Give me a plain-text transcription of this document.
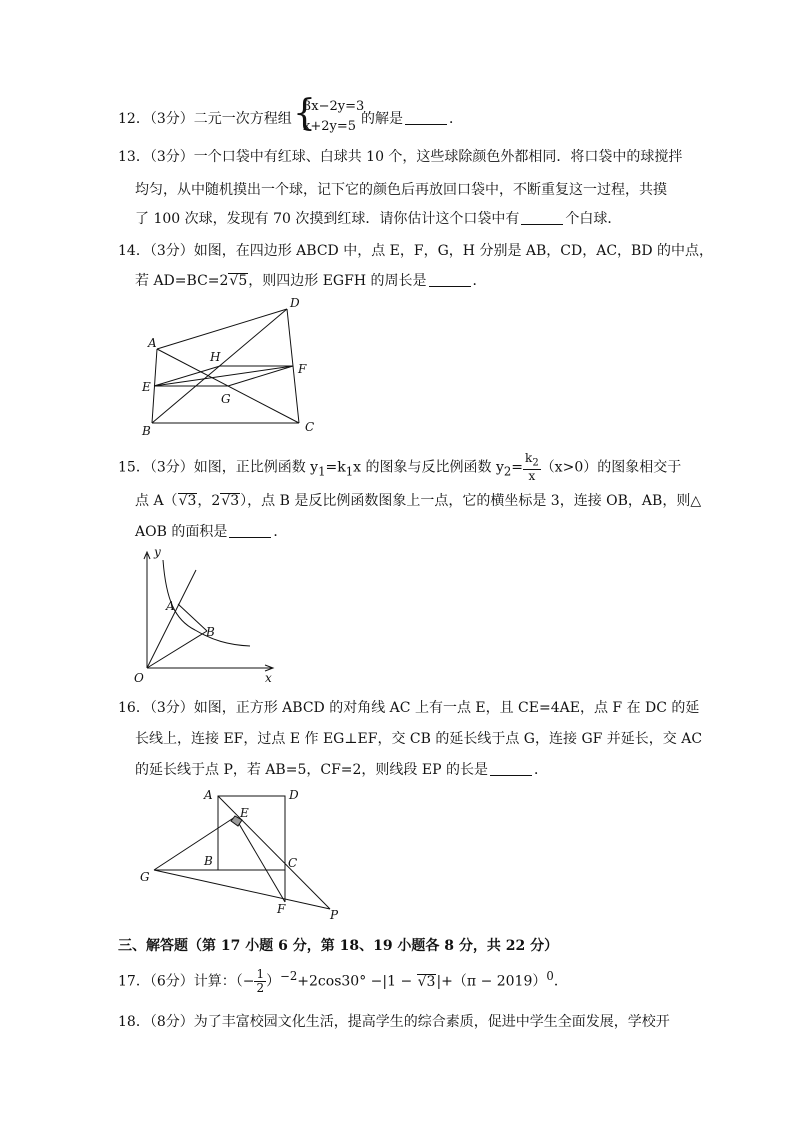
12．（3分）二元一次方程组 {
3x−2y=3
x+2y=5 的解是	．
13．（3分）一个口袋中有红球、白球共 10 个，这些球除颜色外都相同．将口袋中的球搅拌
均匀，从中随机摸出一个球，记下它的颜色后再放回口袋中，不断重复这一过程，共摸
了 100 次球，发现有 70 次摸到红球．请你估计这个口袋中有	个白球．
14．（3分）如图，在四边形 ABCD 中，点 E，F，G，H 分别是 AB，CD，AC，BD 的中点，
若 AD=BC=2√5，则四边形 EGFH 的周长是	．
A
B	C
D
E
F
G
H
15．（3分）如图，正比例函数 $y_1=k_1x$ 的图象与反比例函数 $y_2= \frac{k_2}{x} (x>0)$的图象相交于
点 A（√3，2√3），点 B 是反比例函数图象上一点，它的横坐标是 3，连接 OB，AB，则△
AOB 的面积是	．
y
x
O
A
B
16．（3分）如图，正方形 ABCD 的对角线 AC 上有一点 E，且 CE=4AE，点 F 在 DC 的延
长线上，连接 EF，过点 E 作 EG⊥EF，交 CB 的延长线于点 G，连接 GF 并延长，交 AC
的延长线于点 P，若 AB=5，CF=2，则线段 EP 的长是	．
A
B	C
D
E
F
G
P
三、解答题（第 17 小题 6 分，第 18、19 小题各 8 分，共 22 分）
17．（6分）计算：（− $\frac{1}{2} )^{-2}+2\cos 30^\circ -|1 - √3|+(\pi - 2019)^0$．
18．（8分）为了丰富校园文化生活，提高学生的综合素质，促进中学生全面发展，学校开
